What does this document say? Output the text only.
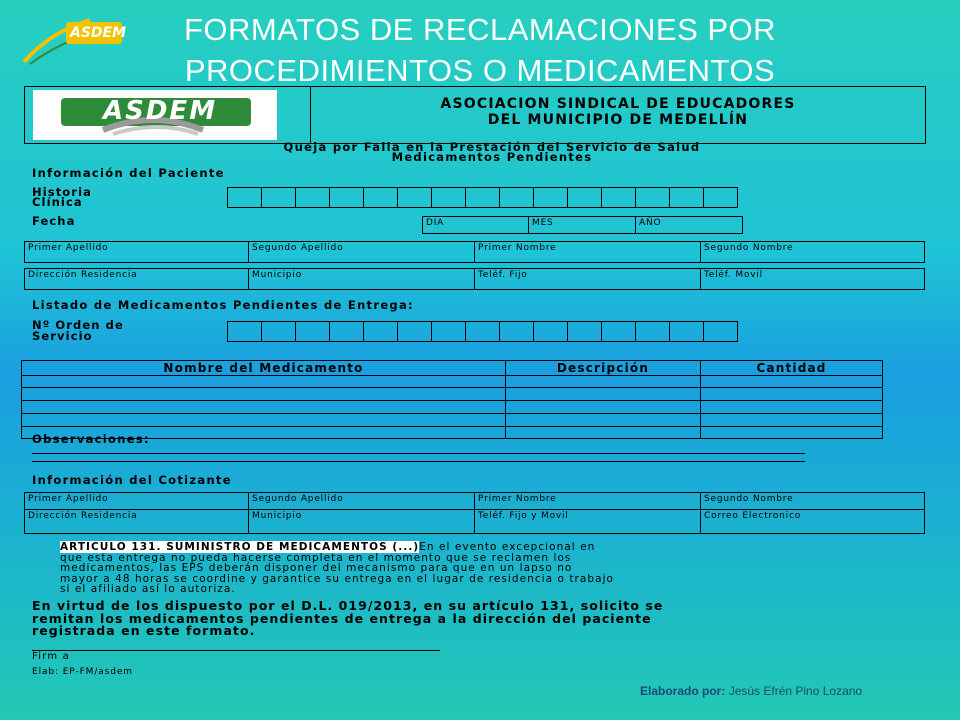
ASDEM	FORMATOS DE RECLAMACIONES POR
PROCEDIMIENTOS O MEDICAMENTOS
ASDEM	ASOCIACION SINDICAL DE EDUCADORES
DEL MUNICIPIO DE MEDELLÍN
Queja por Falla en la Prestación del Servicio de Salud
Medicamentos Pendientes
Información del Paciente
Historia
Clínica
Fecha	DIA	MES	AÑO
Primer Apellido	Segundo Apellido	Primer Nombre	Segundo Nombre

Dirección Residencia	Municipio	Teléf. Fijo	Teléf. Movil
Listado de Medicamentos Pendientes de Entrega:
Nº Orden de
Servicio
Nombre del Medicamento	Descripción	Cantidad

Observaciones:
Información del Cotizante
Primer Apellido	Segundo Apellido	Primer Nombre	Segundo Nombre
Dirección Residencia	Municipio	Teléf. Fijo y Movil	Correo Electronico
ARTICULO 131. SUMINISTRO DE MEDICAMENTOS (...)En el evento excepcional en
que esta entrega no pueda hacerse completa en el momento que se reclamen los
medicamentos, las EPS deberán disponer del mecanismo para que en un lapso no
mayor a 48 horas se coordine y garantice su entrega en el lugar de residencia o trabajo
si el afiliado así lo autoriza.
En virtud de los dispuesto por el D.L. 019/2013, en su artículo 131, solicito se
remitan los medicamentos pendientes de entrega a la dirección del paciente
registrada en este formato.
Firm a
Elab: EP-FM/asdem
Elaborado por: Jesús Efrén Pino Lozano
